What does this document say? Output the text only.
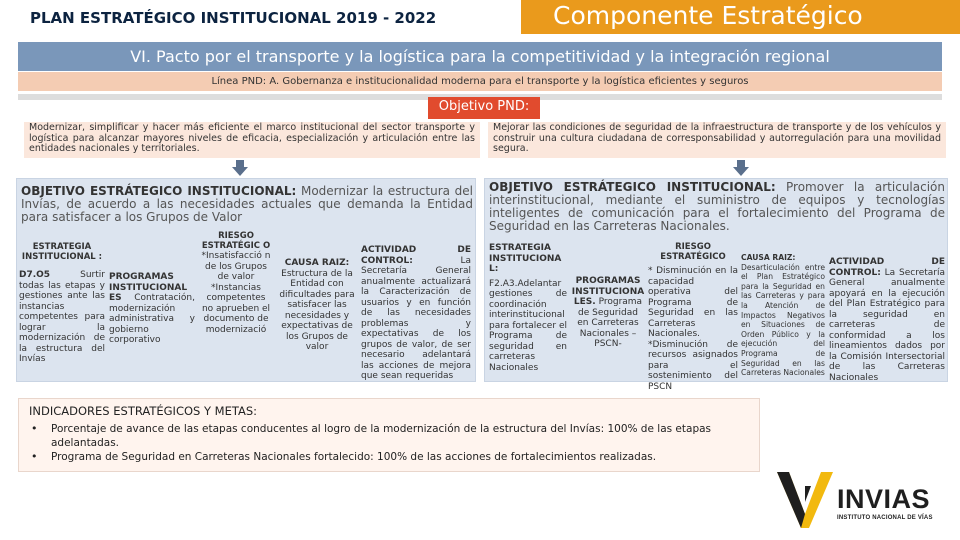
PLAN ESTRATÉGICO INSTITUCIONAL 2019 - 2022	Componente Estratégico
VI. Pacto por el transporte y la logística para la competitividad y la integración regional
Línea PND: A. Gobernanza e institucionalidad moderna para el transporte y la logística eficientes y seguros
Objetivo PND:
Modernizar, simplificar y hacer más eficiente el marco institucional del sector transporte y logística para alcanzar mayores niveles de eficacia, especialización y articulación entre las entidades nacionales y territoriales.
Mejorar las condiciones de seguridad de la infraestructura de transporte y de los vehículos y construir una cultura ciudadana de corresponsabilidad y autorregulación para una movilidad segura.
OBJETIVO ESTRÁTEGICO INSTITUCIONAL: Modernizar la estructura del Invías, de acuerdo a las necesidades actuales que demanda la Entidad para satisfacer a los Grupos de Valor
ESTRATEGIA INSTITUCIONAL :
D7.O5 Surtir todas las etapas y gestiones ante las instancias competentes para lograr la modernización de la estructura del Invías
PROGRAMAS INSTITUCIONAL ES Contratación, modernización administrativa y gobierno corporativo
RIESGO
ESTRATÉGIC O
*Insatisfacció n de los Grupos de valor *Instancias competentes no aprueben el documento de modernizació
CAUSA RAIZ:
Estructura de la Entidad con dificultades para satisfacer las necesidades y expectativas de los Grupos de valor
ACTIVIDAD DE CONTROL: La Secretaría General anualmente actualizará la Caracterización de usuarios y en función de las necesidades problemas y expectativas de los grupos de valor, de ser necesario adelantará las acciones de mejora que sean requeridas
OBJETIVO ESTRÁTEGICO INSTITUCIONAL: Promover la articulación interinstitucional, mediante el suministro de equipos y tecnologías inteligentes de comunicación para el fortalecimiento del Programa de Seguridad en las Carreteras Nacionales.
ESTRATEGIA INSTITUCIONA L:
F2.A3.Adelantar gestiones de coordinación interinstitucional para fortalecer el Programa de seguridad en carreteras Nacionales
PROGRAMAS INSTITUCIONA LES. Programa de Seguridad en Carreteras Nacionales – PSCN-
RIESGO ESTRATÉGICO
* Disminución en la capacidad operativa del Programa de Seguridad en las Carreteras Nacionales. *Disminución de recursos asignados para el sostenimiento del PSCN
CAUSA RAIZ:
Desarticulación entre el Plan Estratégico para la Seguridad en las Carreteras y para la Atención de Impactos Negativos en Situaciones de Orden Público y la ejecución del Programa de Seguridad en las Carreteras Nacionales
ACTIVIDAD DE CONTROL: La Secretaría General anualmente apoyará en la ejecución del Plan Estratégico para la seguridad en carreteras de conformidad a los lineamientos dados por la Comisión Intersectorial de las Carreteras Nacionales
INDICADORES ESTRATÉGICOS Y METAS:
• Porcentaje de avance de las etapas conducentes al logro de la modernización de la estructura del Invías: 100% de las etapas adelantadas.
• Programa de Seguridad en Carreteras Nacionales fortalecido: 100% de las acciones de fortalecimientos realizadas.
INVIAS
INSTITUTO NACIONAL DE VÍAS
